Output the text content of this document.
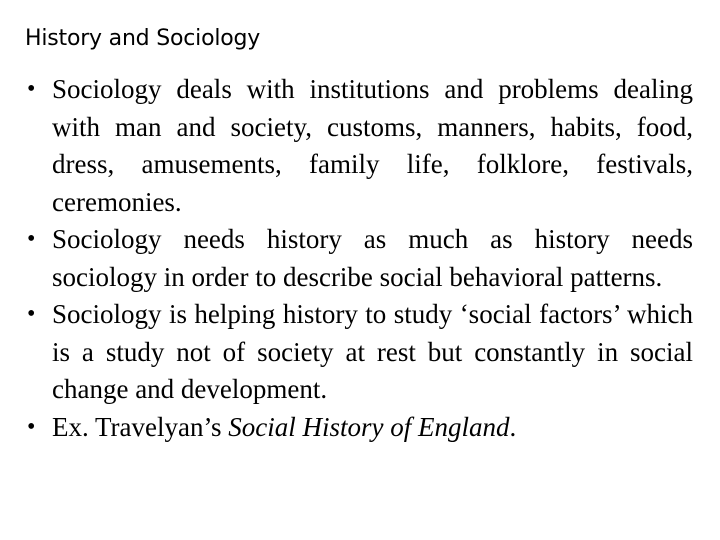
History and Sociology
• Sociology deals with institutions and problems dealing with man and society, customs, manners, habits, food, dress, amusements, family life, folklore, festivals, ceremonies.
• Sociology needs history as much as history needs sociology in order to describe social behavioral patterns.
• Sociology is helping history to study ‘social factors’ which is a study not of society at rest but constantly in social change and development.
• Ex. Travelyan’s Social History of England.
